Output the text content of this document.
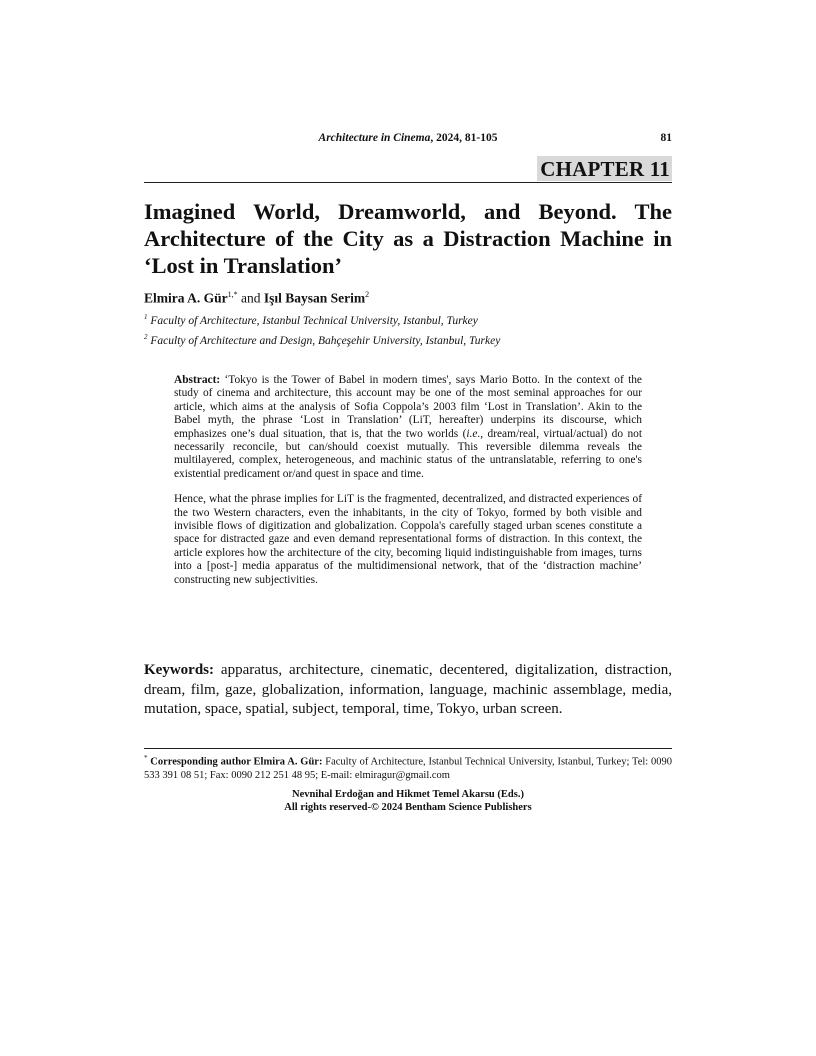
Architecture in Cinema, 2024, 81-105	81
CHAPTER 11
Imagined World, Dreamworld, and Beyond. The Architecture of the City as a Distraction Machine in ‘Lost in Translation’
Elmira A. Gür$^{1,*}$ and Işıl Baysan Serim$^2$
$^1$ Faculty of Architecture, Istanbul Technical University, Istanbul, Turkey
$^2$ Faculty of Architecture and Design, Bahçeşehir University, Istanbul, Turkey

Abstract: ‘Tokyo is the Tower of Babel in modern times', says Mario Botto. In the context of the study of cinema and architecture, this account may be one of the most seminal approaches for our article, which aims at the analysis of Sofia Coppola’s 2003 film ‘Lost in Translation’. Akin to the Babel myth, the phrase ‘Lost in Translation’ (LiT, hereafter) underpins its discourse, which emphasizes one’s dual situation, that is, that the two worlds (i.e., dream/real, virtual/actual) do not necessarily reconcile, but can/should coexist mutually. This reversible dilemma reveals the multilayered, complex, heterogeneous, and machinic status of the untranslatable, referring to one's existential predicament or/and quest in space and time.

Hence, what the phrase implies for LiT is the fragmented, decentralized, and distracted experiences of the two Western characters, even the inhabitants, in the city of Tokyo, formed by both visible and invisible flows of digitization and globalization. Coppola's carefully staged urban scenes constitute a space for distracted gaze and even demand representational forms of distraction. In this context, the article explores how the architecture of the city, becoming liquid indistinguishable from images, turns into a [post-] media apparatus of the multidimensional network, that of the ‘distraction machine’ constructing new subjectivities.

Keywords: apparatus, architecture, cinematic, decentered, digitalization, distraction, dream, film, gaze, globalization, information, language, machinic assemblage, media, mutation, space, spatial, subject, temporal, time, Tokyo, urban screen.
* Corresponding author Elmira A. Gür: Faculty of Architecture, Istanbul Technical University, Istanbul, Turkey; Tel: 0090 533 391 08 51; Fax: 0090 212 251 48 95; E-mail: elmiragur@gmail.com
Nevnihal Erdoğan and Hikmet Temel Akarsu (Eds.)
All rights reserved-© 2024 Bentham Science Publishers
